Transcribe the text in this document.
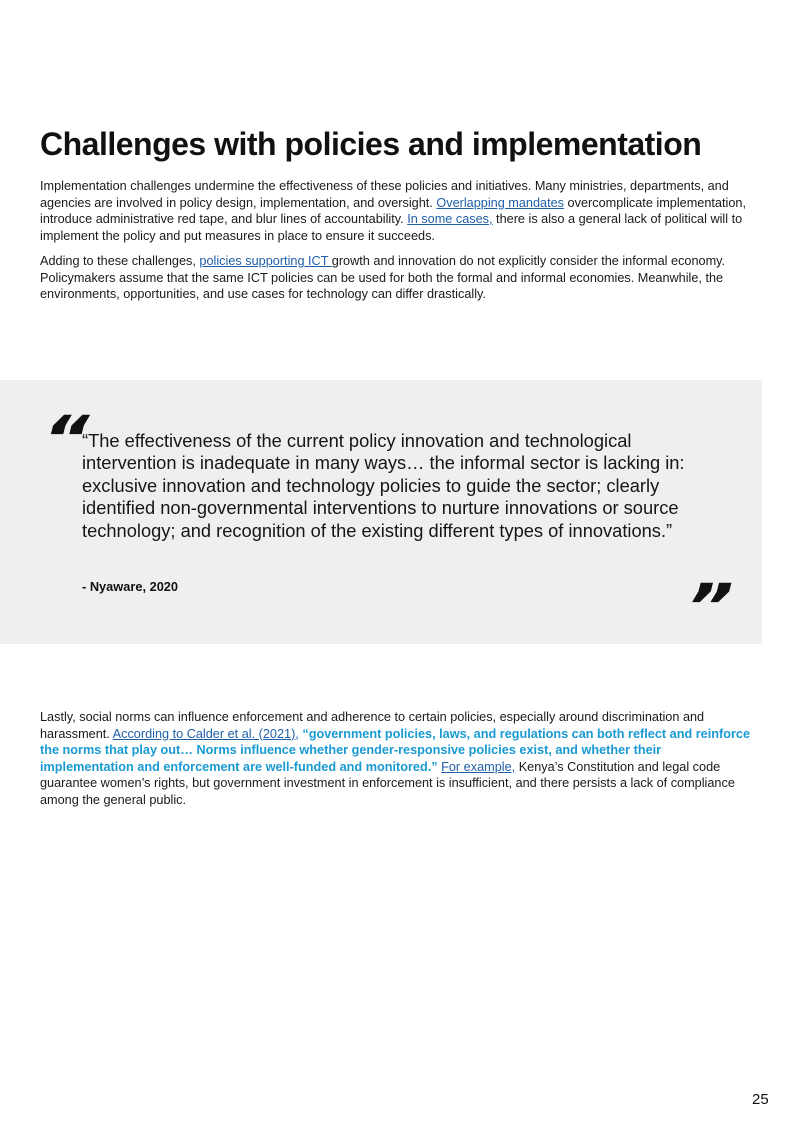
Challenges with policies and implementation

Implementation challenges undermine the effectiveness of these policies and initiatives. Many ministries, departments, and agencies are involved in policy design, implementation, and oversight. Overlapping mandates overcomplicate implementation, introduce administrative red tape, and blur lines of accountability. In some cases, there is also a general lack of political will to implement the policy and put measures in place to ensure it succeeds.

Adding to these challenges, policies supporting ICT growth and innovation do not explicitly consider the informal economy. Policymakers assume that the same ICT policies can be used for both the formal and informal economies. Meanwhile, the environments, opportunities, and use cases for technology can differ drastically.

“

“The effectiveness of the current policy innovation and technological intervention is inadequate in many ways… the informal sector is lacking in: exclusive innovation and technology policies to guide the sector; clearly identified non-governmental interventions to nurture innovations or source technology; and recognition of the existing different types of innovations.”

- Nyaware, 2020	”

Lastly, social norms can influence enforcement and adherence to certain policies, especially around discrimination and harassment. According to Calder et al. (2021), “government policies, laws, and regulations can both reflect and reinforce the norms that play out… Norms influence whether gender-responsive policies exist, and whether their implementation and enforcement are well-funded and monitored.” For example, Kenya’s Constitution and legal code guarantee women’s rights, but government investment in enforcement is insufficient, and there persists a lack of compliance among the general public.

25
